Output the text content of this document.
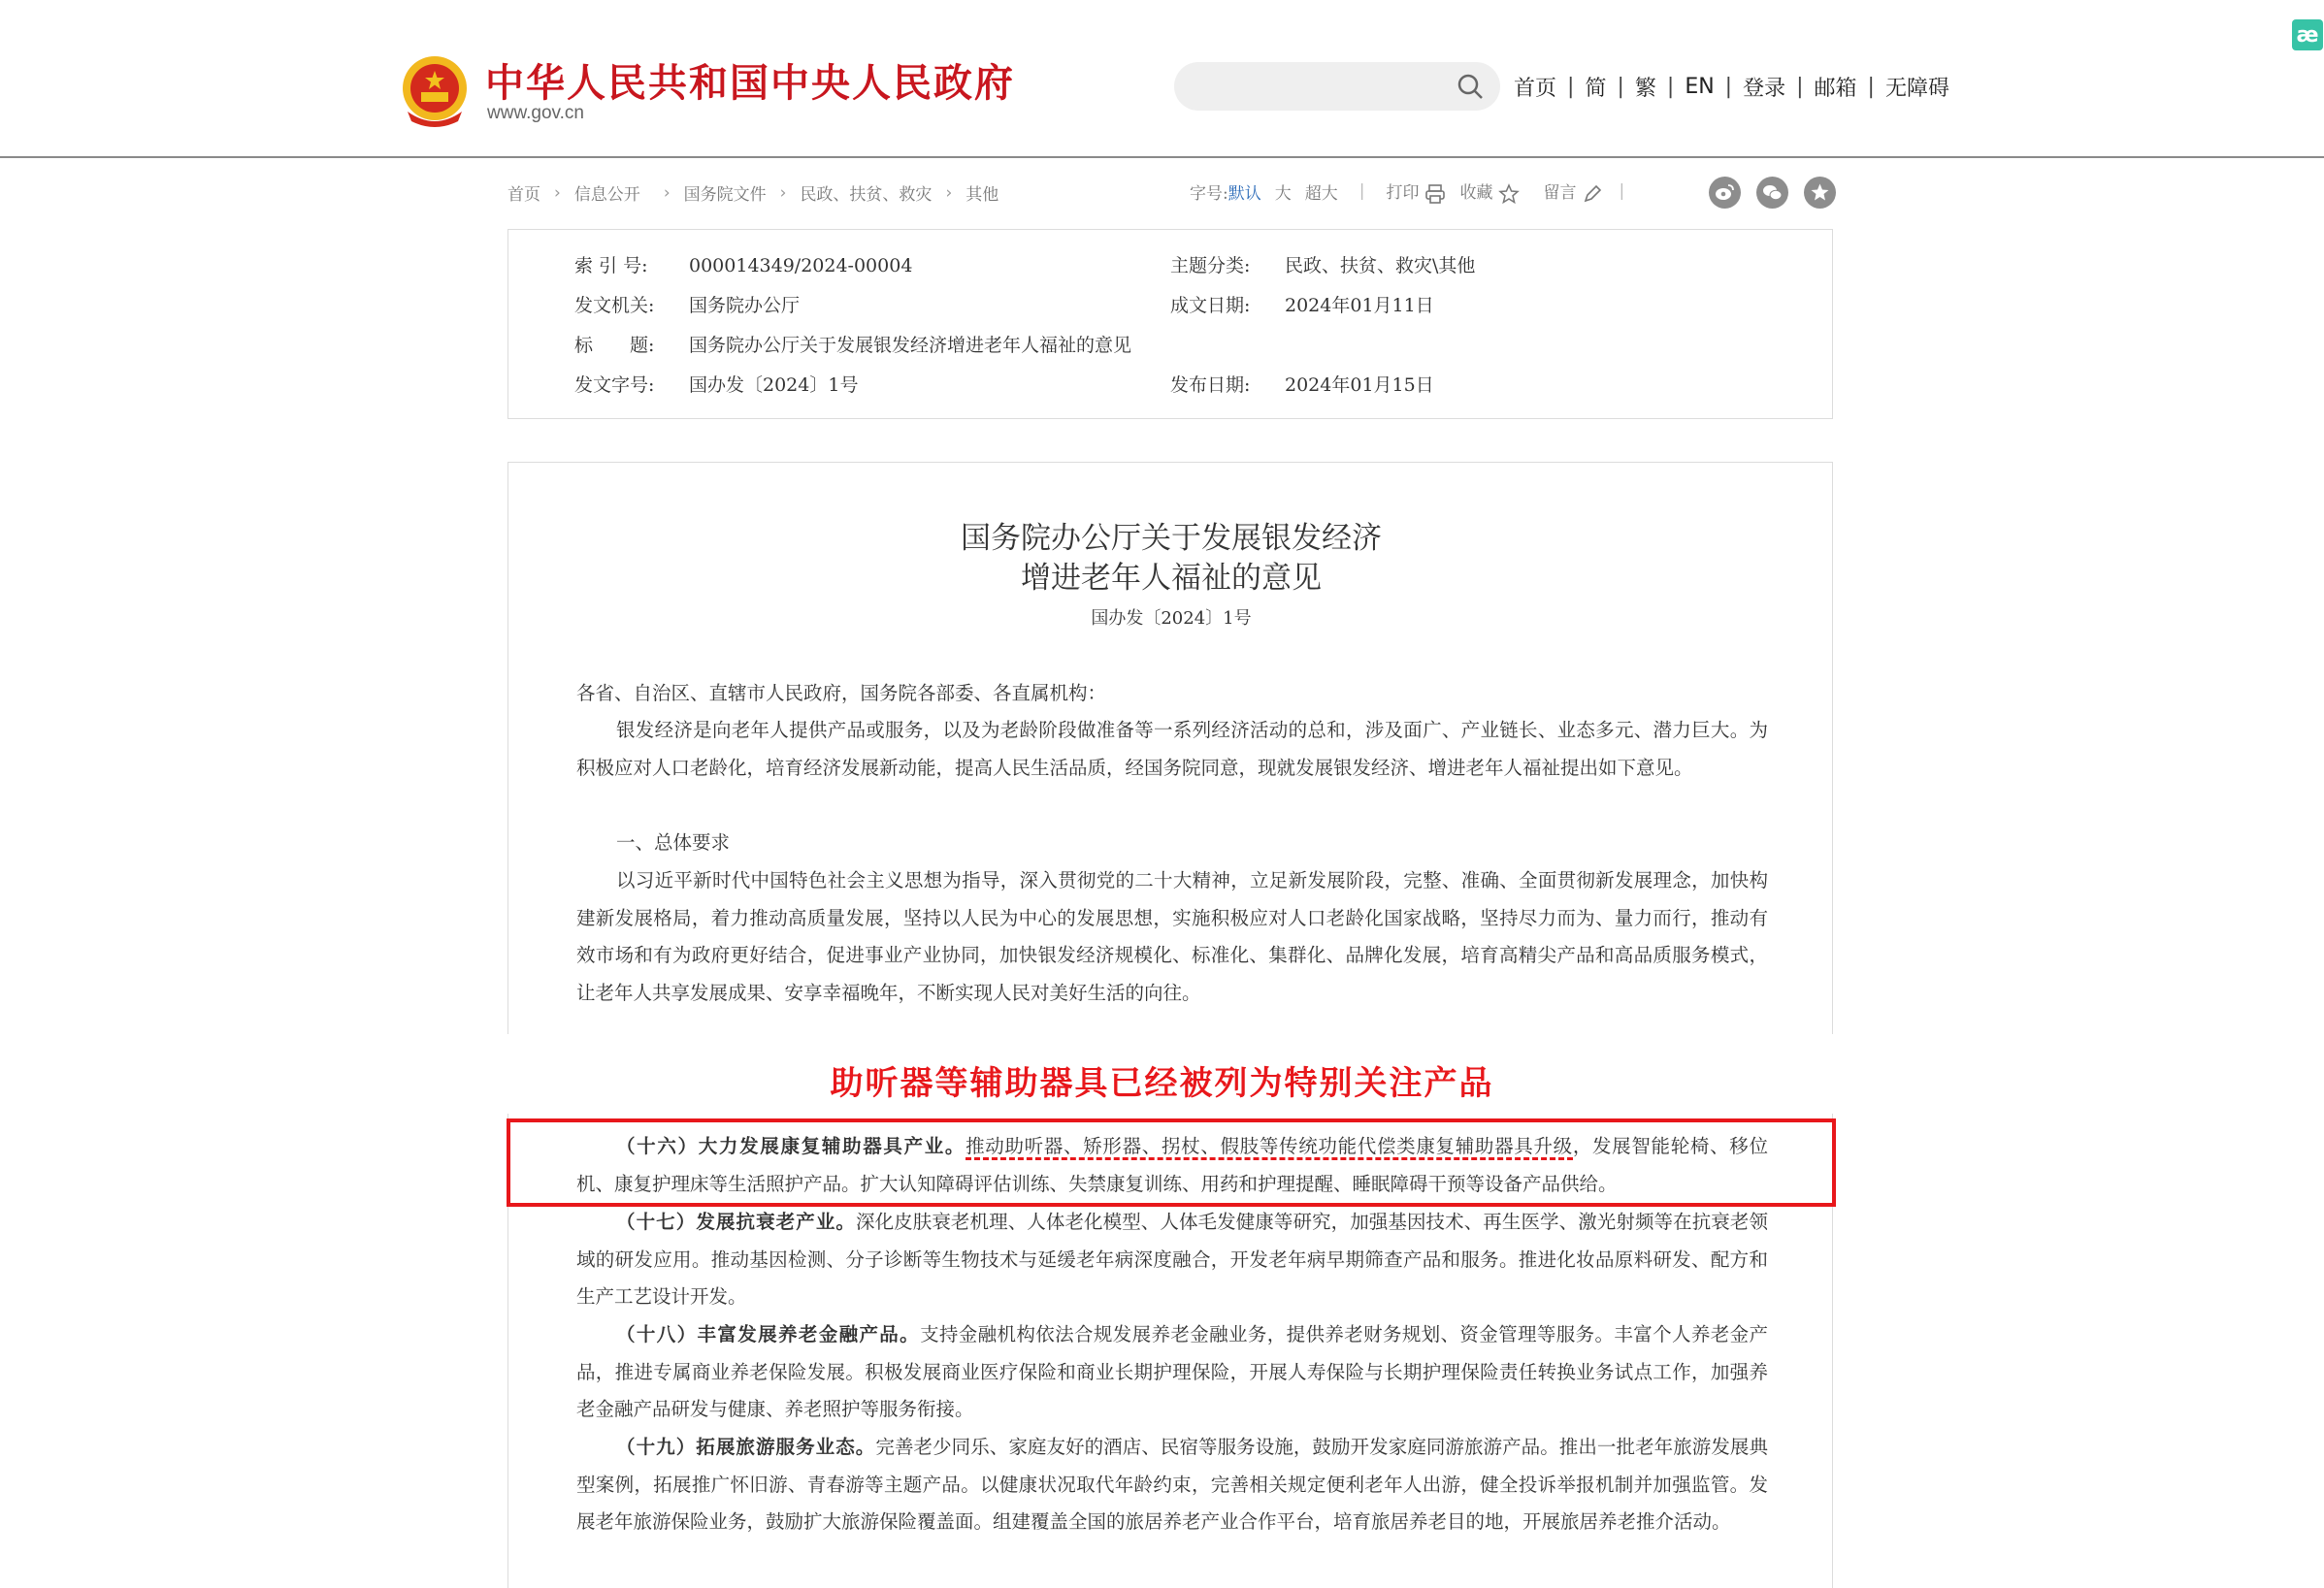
中华人民共和国中央人民政府
www.gov.cn
首页 | 简 | 繁 | EN | 登录 | 邮箱 | 无障碍
æ
首页 › 信息公开 › 国务院文件 › 民政、扶贫、救灾 › 其他	字号: 默认 大 超大 | 打印	收藏	留言	|
索 引 号: 000014349/2024-00004	主题分类: 民政、扶贫、救灾\其他
发文机关: 国务院办公厅	成文日期: 2024年01月11日
标　　题: 国务院办公厅关于发展银发经济增进老年人福祉的意见
发文字号: 国办发〔2024〕1号	发布日期: 2024年01月15日
国务院办公厅关于发展银发经济
增进老年人福祉的意见
国办发〔2024〕1号

各省、自治区、直辖市人民政府，国务院各部委、各直属机构：

银发经济是向老年人提供产品或服务，以及为老龄阶段做准备等一系列经济活动的总和，涉及面广、产业链长、业态多元、潜力巨大。为积极应对人口老龄化，培育经济发展新动能，提高人民生活品质，经国务院同意，现就发展银发经济、增进老年人福祉提出如下意见。

一、总体要求

以习近平新时代中国特色社会主义思想为指导，深入贯彻党的二十大精神，立足新发展阶段，完整、准确、全面贯彻新发展理念，加快构建新发展格局，着力推动高质量发展，坚持以人民为中心的发展思想，实施积极应对人口老龄化国家战略，坚持尽力而为、量力而行，推动有效市场和有为政府更好结合，促进事业产业协同，加快银发经济规模化、标准化、集群化、品牌化发展，培育高精尖产品和高品质服务模式，让老年人共享发展成果、安享幸福晚年，不断实现人民对美好生活的向往。

助听器等辅助器具已经被列为特别关注产品

（十六）大力发展康复辅助器具产业。推动助听器、矫形器、拐杖、假肢等传统功能代偿类康复辅助器具升级，发展智能轮椅、移位机、康复护理床等生活照护产品。扩大认知障碍评估训练、失禁康复训练、用药和护理提醒、睡眠障碍干预等设备产品供给。

（十七）发展抗衰老产业。深化皮肤衰老机理、人体老化模型、人体毛发健康等研究，加强基因技术、再生医学、激光射频等在抗衰老领域的研发应用。推动基因检测、分子诊断等生物技术与延缓老年病深度融合，开发老年病早期筛查产品和服务。推进化妆品原料研发、配方和生产工艺设计开发。

（十八）丰富发展养老金融产品。支持金融机构依法合规发展养老金融业务，提供养老财务规划、资金管理等服务。丰富个人养老金产品，推进专属商业养老保险发展。积极发展商业医疗保险和商业长期护理保险，开展人寿保险与长期护理保险责任转换业务试点工作，加强养老金融产品研发与健康、养老照护等服务衔接。

（十九）拓展旅游服务业态。完善老少同乐、家庭友好的酒店、民宿等服务设施，鼓励开发家庭同游旅游产品。推出一批老年旅游发展典型案例，拓展推广怀旧游、青春游等主题产品。以健康状况取代年龄约束，完善相关规定便利老年人出游，健全投诉举报机制并加强监管。发展老年旅游保险业务，鼓励扩大旅游保险覆盖面。组建覆盖全国的旅居养老产业合作平台，培育旅居养老目的地，开展旅居养老推介活动。
